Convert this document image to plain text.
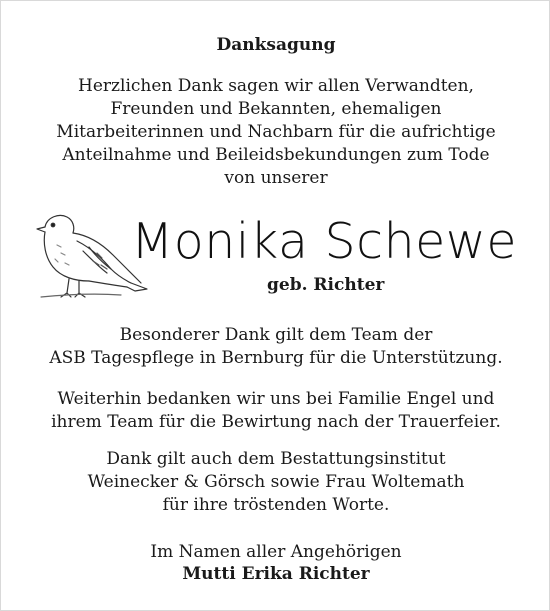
Danksagung
Herzlichen Dank sagen wir allen Verwandten,
Freunden und Bekannten, ehemaligen
Mitarbeiterinnen und Nachbarn für die aufrichtige
Anteilnahme und Beileidsbekundungen zum Tode
von unserer
Monika Schewe
geb. Richter
Besonderer Dank gilt dem Team der
ASB Tagespflege in Bernburg für die Unterstützung.
Weiterhin bedanken wir uns bei Familie Engel und
ihrem Team für die Bewirtung nach der Trauerfeier.
Dank gilt auch dem Bestattungsinstitut
Weinecker & Görsch sowie Frau Woltemath
für ihre tröstenden Worte.
Im Namen aller Angehörigen
Mutti Erika Richter
